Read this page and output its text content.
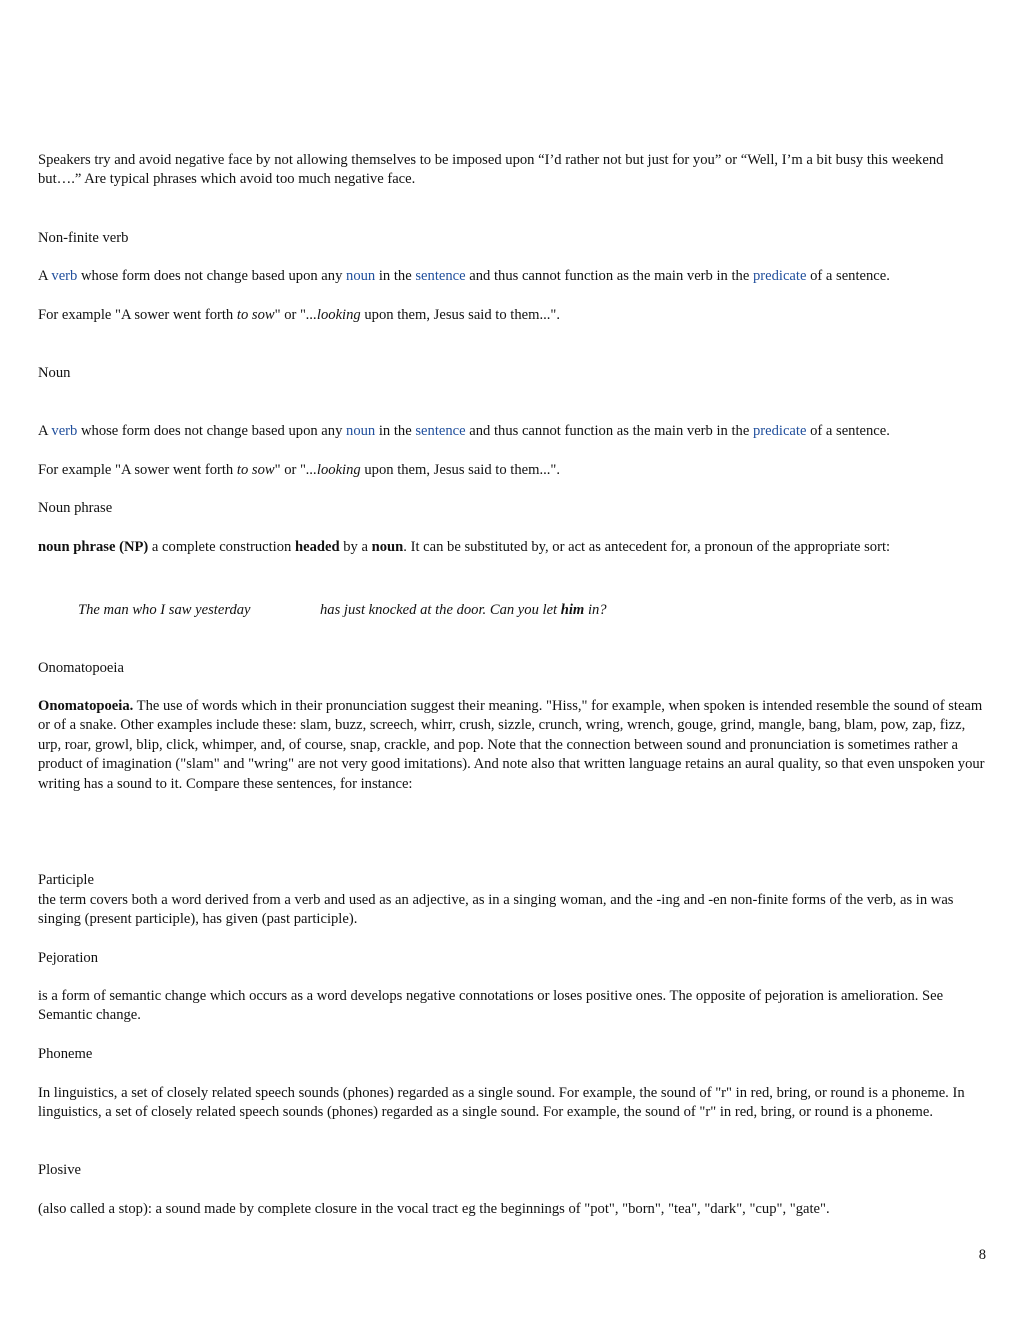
Speakers try and avoid negative face by not allowing themselves to be imposed upon “I’d rather not but just for you” or “Well, I’m a bit busy this weekend but….” Are typical phrases which avoid too much negative face.

Non-finite verb

A verb whose form does not change based upon any noun in the sentence and thus cannot function as the main verb in the predicate of a sentence.

For example "A sower went forth to sow" or "...looking upon them, Jesus said to them...".

Noun

A verb whose form does not change based upon any noun in the sentence and thus cannot function as the main verb in the predicate of a sentence.

For example "A sower went forth to sow" or "...looking upon them, Jesus said to them...".

Noun phrase

noun phrase (NP) a complete construction headed by a noun. It can be substituted by, or act as antecedent for, a pronoun of the appropriate sort:

The man who I saw yesterday	has just knocked at the door. Can you let him in?

Onomatopoeia

Onomatopoeia. The use of words which in their pronunciation suggest their meaning. "Hiss," for example, when spoken is intended resemble the sound of steam or of a snake. Other examples include these: slam, buzz, screech, whirr, crush, sizzle, crunch, wring, wrench, gouge, grind, mangle, bang, blam, pow, zap, fizz, urp, roar, growl, blip, click, whimper, and, of course, snap, crackle, and pop. Note that the connection between sound and pronunciation is sometimes rather a product of imagination ("slam" and "wring" are not very good imitations). And note also that written language retains an aural quality, so that even unspoken your writing has a sound to it. Compare these sentences, for instance:

Participle

the term covers both a word derived from a verb and used as an adjective, as in a singing woman, and the -ing and -en non-finite forms of the verb, as in was singing (present participle), has given (past participle).

Pejoration

is a form of semantic change which occurs as a word develops negative connotations or loses positive ones. The opposite of pejoration is amelioration. See Semantic change.

Phoneme

In linguistics, a set of closely related speech sounds (phones) regarded as a single sound. For example, the sound of "r" in red, bring, or round is a phoneme. In linguistics, a set of closely related speech sounds (phones) regarded as a single sound. For example, the sound of "r" in red, bring, or round is a phoneme.

Plosive

(also called a stop): a sound made by complete closure in the vocal tract eg the beginnings of "pot", "born", "tea", "dark", "cup", "gate".

8
